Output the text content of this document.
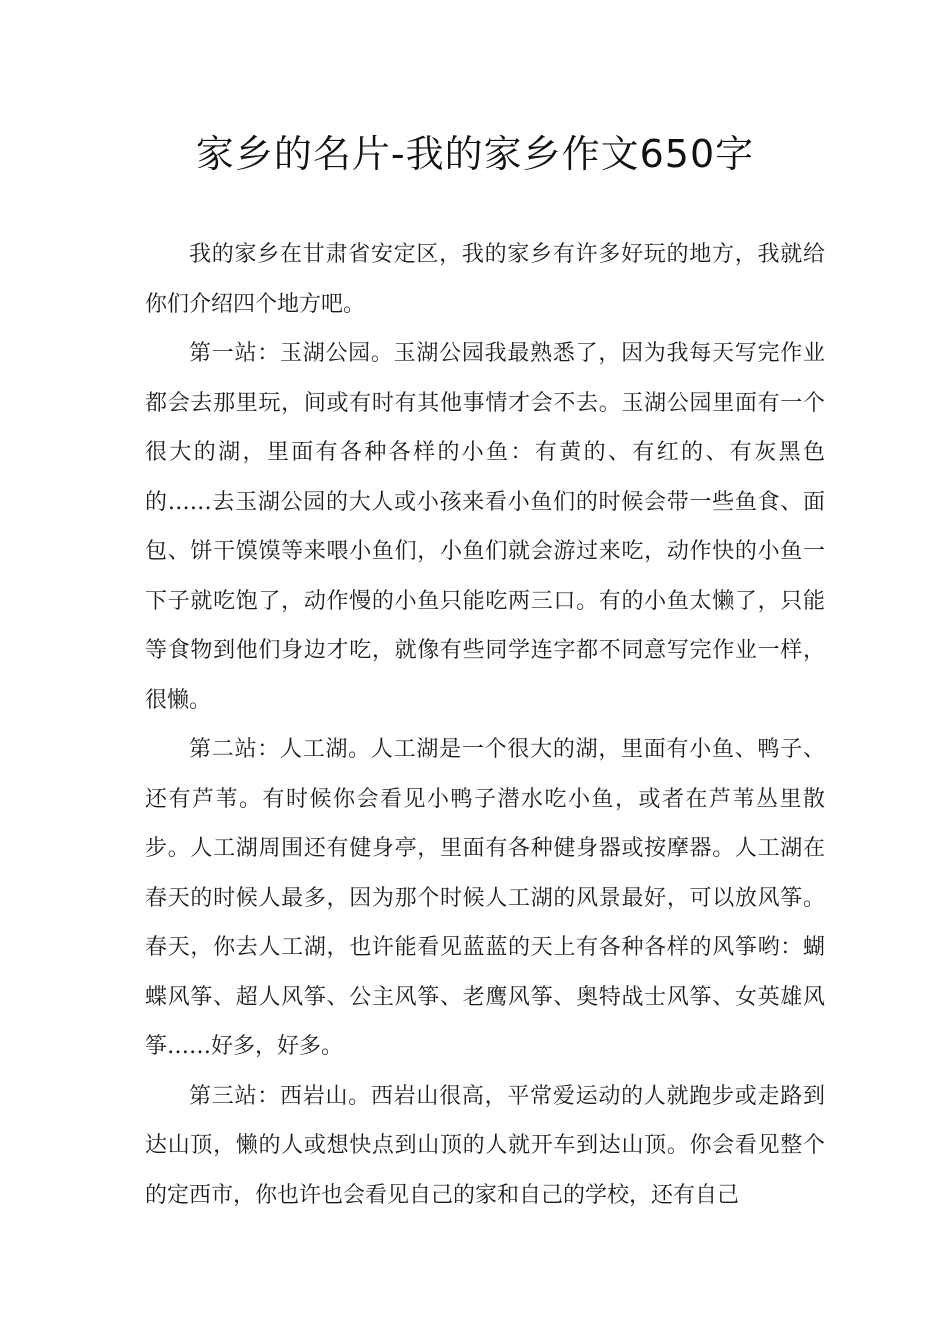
家乡的名片-我的家乡作文650字

我的家乡在甘肃省安定区，我的家乡有许多好玩的地方，我就给你们介绍四个地方吧。

第一站：玉湖公园。玉湖公园我最熟悉了，因为我每天写完作业都会去那里玩，间或有时有其他事情才会不去。玉湖公园里面有一个很大的湖，里面有各种各样的小鱼：有黄的、有红的、有灰黑色的……去玉湖公园的大人或小孩来看小鱼们的时候会带一些鱼食、面包、饼干馍馍等来喂小鱼们，小鱼们就会游过来吃，动作快的小鱼一下子就吃饱了，动作慢的小鱼只能吃两三口。有的小鱼太懒了，只能等食物到他们身边才吃，就像有些同学连字都不同意写完作业一样，很懒。

第二站：人工湖。人工湖是一个很大的湖，里面有小鱼、鸭子、还有芦苇。有时候你会看见小鸭子潜水吃小鱼，或者在芦苇丛里散步。人工湖周围还有健身亭，里面有各种健身器或按摩器。人工湖在春天的时候人最多，因为那个时候人工湖的风景最好，可以放风筝。春天，你去人工湖，也许能看见蓝蓝的天上有各种各样的风筝哟：蝴蝶风筝、超人风筝、公主风筝、老鹰风筝、奥特战士风筝、女英雄风筝……好多，好多。

第三站：西岩山。西岩山很高，平常爱运动的人就跑步或走路到达山顶，懒的人或想快点到山顶的人就开车到达山顶。你会看见整个的定西市，你也许也会看见自己的家和自己的学校，还有自己
